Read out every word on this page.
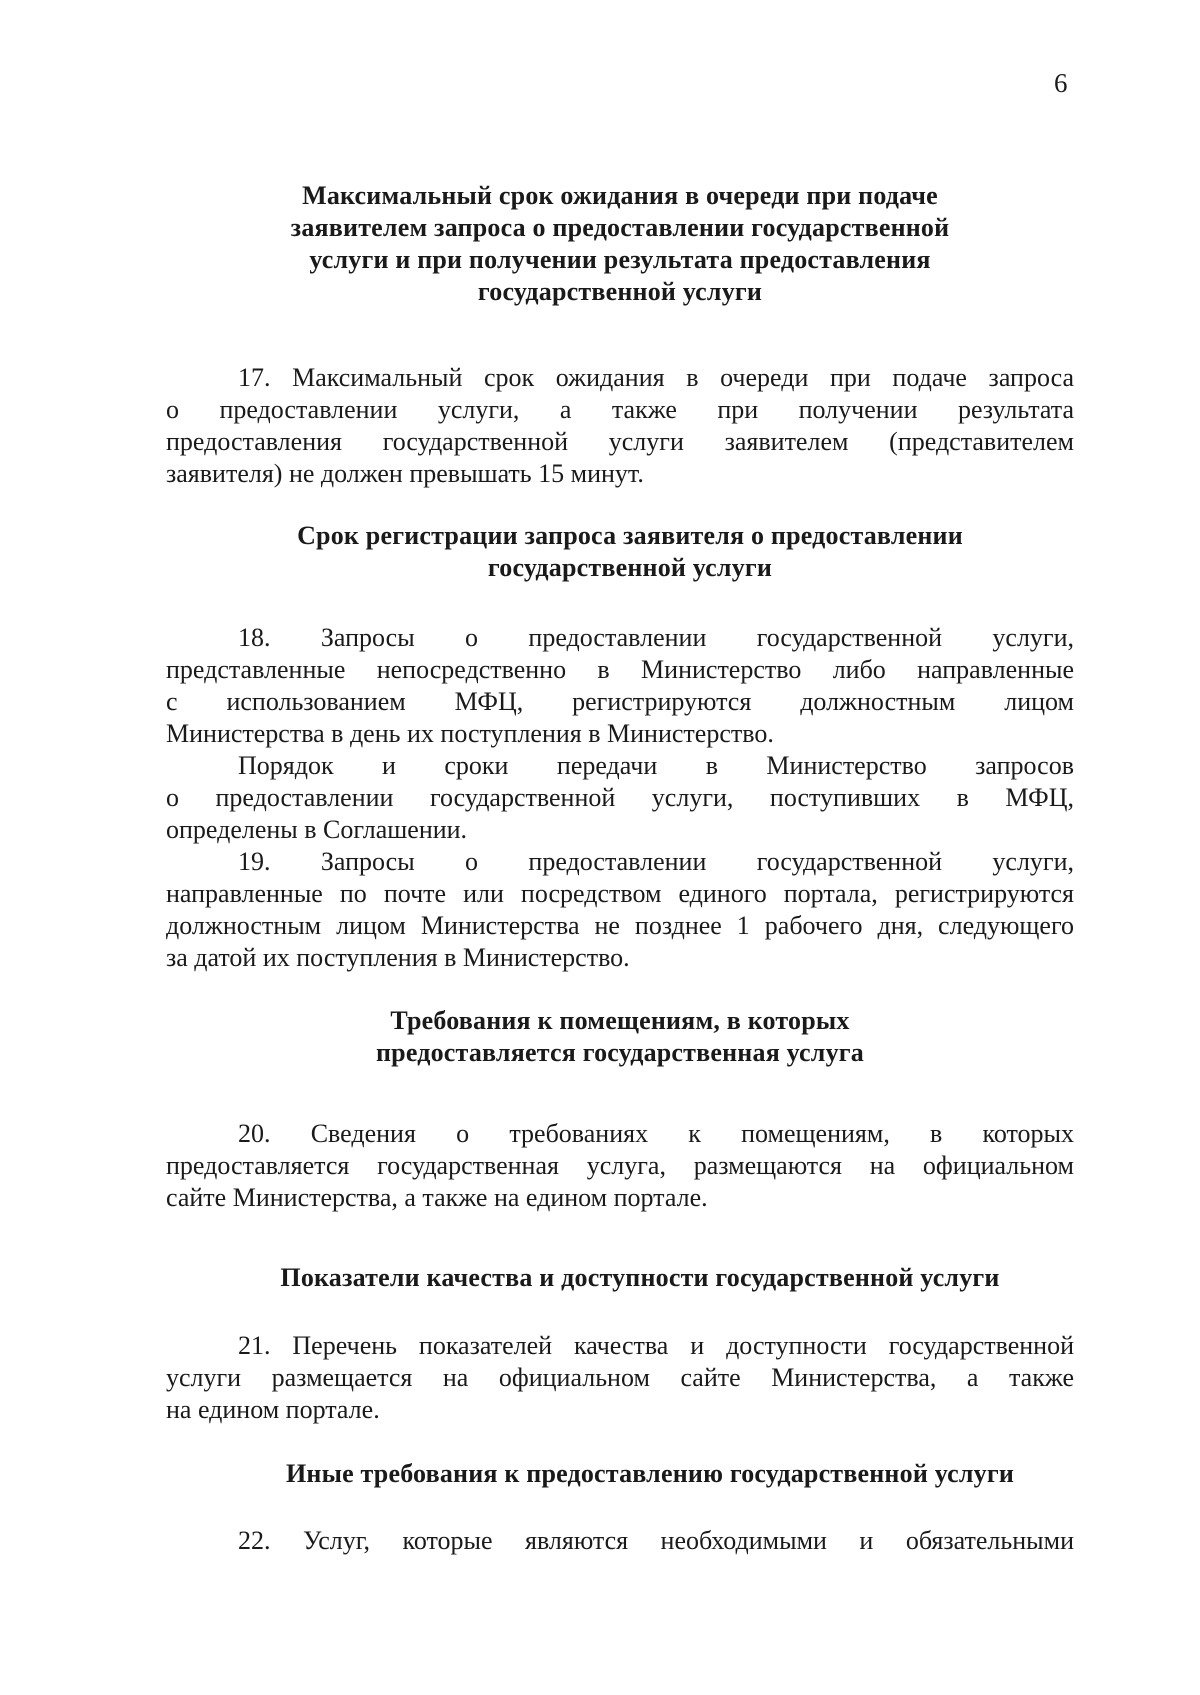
6
Максимальный срок ожидания в очереди при подаче
заявителем запроса о предоставлении государственной
услуги и при получении результата предоставления
государственной услуги
17. Максимальный срок ожидания в очереди при подаче запроса
о предоставлении услуги, а также при получении результата
предоставления государственной услуги заявителем (представителем
заявителя) не должен превышать 15 минут.
Срок регистрации запроса заявителя о предоставлении
государственной услуги
18. Запросы о предоставлении государственной услуги,
представленные непосредственно в Министерство либо направленные
с использованием МФЦ, регистрируются должностным лицом
Министерства в день их поступления в Министерство.
Порядок и сроки передачи в Министерство запросов
о предоставлении государственной услуги, поступивших в МФЦ,
определены в Соглашении.
19. Запросы о предоставлении государственной услуги,
направленные по почте или посредством единого портала, регистрируются
должностным лицом Министерства не позднее 1 рабочего дня, следующего
за датой их поступления в Министерство.
Требования к помещениям, в которых
предоставляется государственная услуга
20. Сведения о требованиях к помещениям, в которых
предоставляется государственная услуга, размещаются на официальном
сайте Министерства, а также на едином портале.
Показатели качества и доступности государственной услуги
21. Перечень показателей качества и доступности государственной
услуги размещается на официальном сайте Министерства, а также
на едином портале.
Иные требования к предоставлению государственной услуги
22. Услуг, которые являются необходимыми и обязательными
